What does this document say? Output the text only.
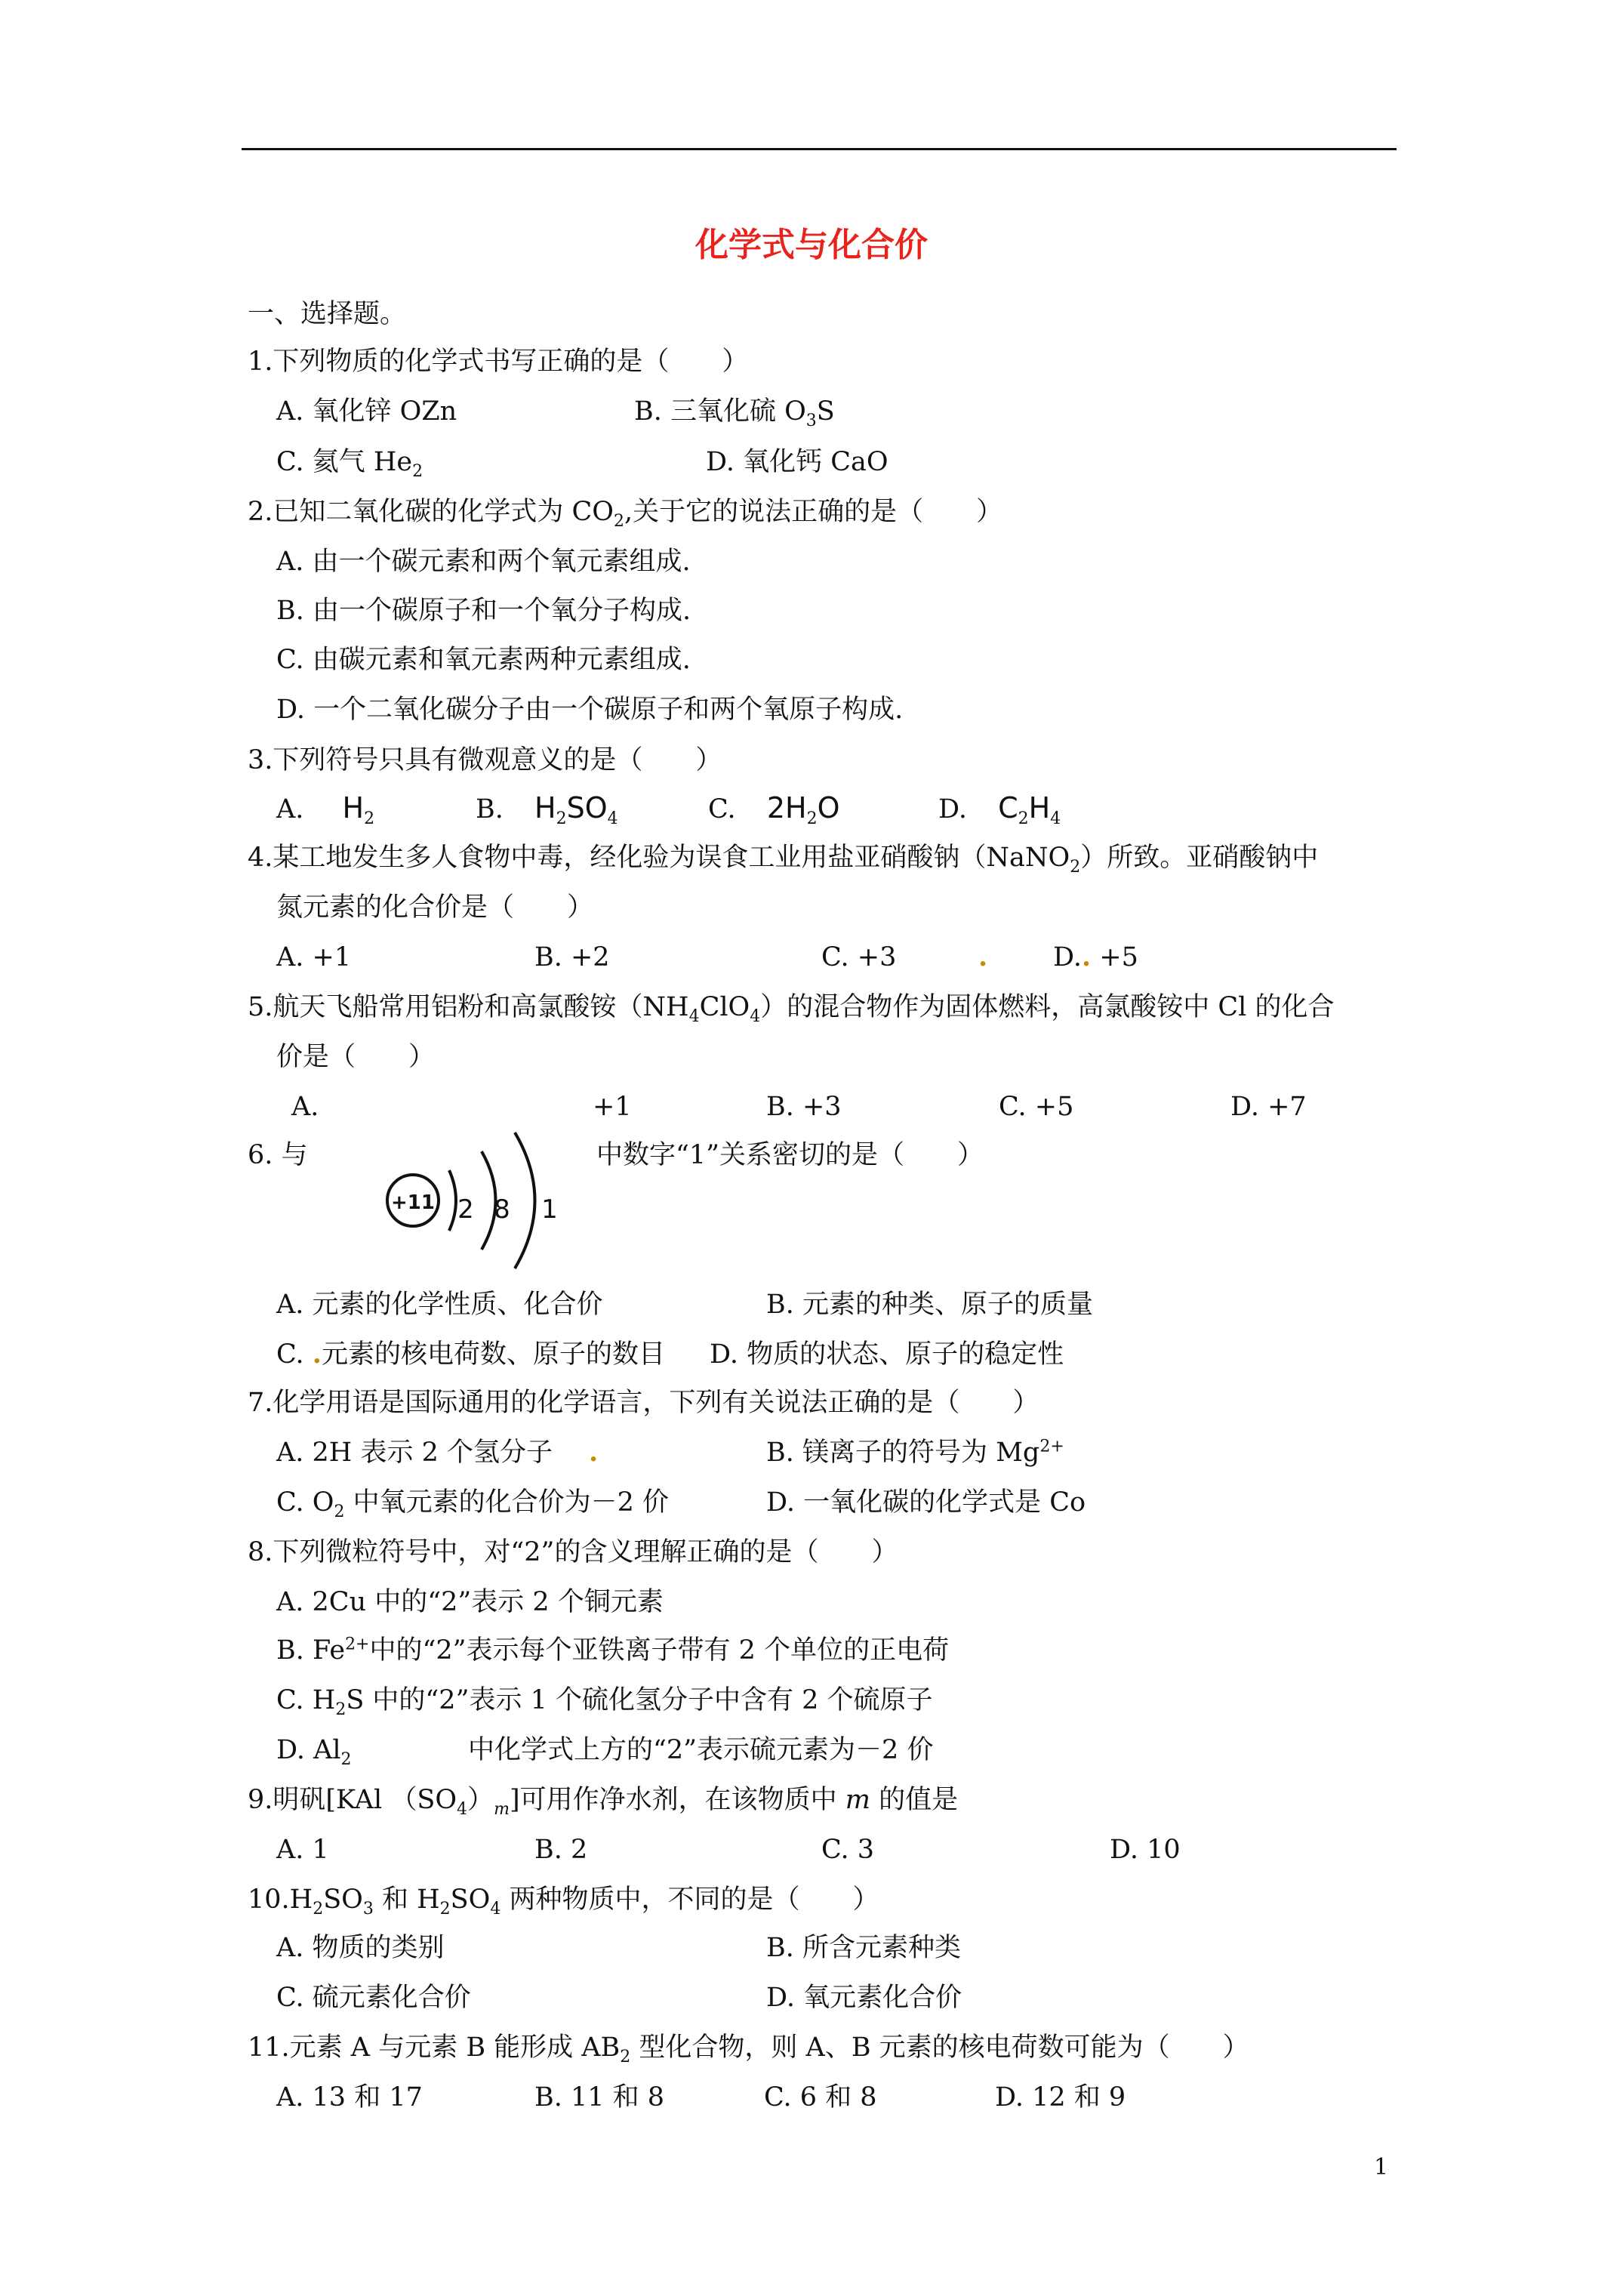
化学式与化合价
一、选择题。
1.下列物质的化学式书写正确的是（　　）
A. 氧化锌 OZn	B. 三氧化硫 $O_3S$
C. 氦气 $He_2$	D. 氧化钙 CaO
2.已知二氧化碳的化学式为 $CO_2$,关于它的说法正确的是（　　）
A. 由一个碳元素和两个氧元素组成.
B. 由一个碳原子和一个氧分子构成.
C. 由碳元素和氧元素两种元素组成.
D. 一个二氧化碳分子由一个碳原子和两个氧原子构成.
3.下列符号只具有微观意义的是（　　）
A. $H_2$	B. $H_2SO_4$	C. $2H_2O$	D. $C_2H_4$
4.某工地发生多人食物中毒，经化验为误食工业用盐亚硝酸钠（NaNO$_2$）所致。亚硝酸钠中
氮元素的化合价是（　　）
A. +1	B. +2	C. +3	. D.. +5
5.航天飞船常用铝粉和高氯酸铵$(NH_4ClO_4)$的混合物作为固体燃料，高氯酸铵中 Cl 的化合
价是（　　）
A.	+1	B. +3	C. +5	D. +7
6. 与	中数字“1”关系密切的是（　　）
+11 2 8 1
A. 元素的化学性质、化合价	B. 元素的种类、原子的质量
C. .元素的核电荷数、原子的数目 D. 物质的状态、原子的稳定性
7.化学用语是国际通用的化学语言，下列有关说法正确的是（　　）
A. 2H 表示 2 个氢分子 .	B. 镁离子的符号为 $Mg^{2+}$
C. $O_2$ 中氧元素的化合价为－2 价	D. 一氧化碳的化学式是 Co
8.下列微粒符号中，对“2”的含义理解正确的是（　　）
A. 2Cu 中的“2”表示 2 个铜元素
B. $Fe^{2+}$中的“2”表示每个亚铁离子带有 2 个单位的正电荷
C. $H_2S$ 中的“2”表示 1 个硫化氢分子中含有 2 个硫原子
D. $Al_2$	中化学式上方的“2”表示硫元素为－2 价
9.明矾[KAl $(SO_4)_m$]可用作净水剂，在该物质中 m 的值是
A. 1	B. 2	C. 3	D. 10
$10.H_2SO_3$ 和 $H_2SO_4$ 两种物质中，不同的是（　　）
A. 物质的类别	B. 所含元素种类
C. 硫元素化合价	D. 氧元素化合价
11.元素 A 与元素 B 能形成 $AB_2$ 型化合物，则 A、B 元素的核电荷数可能为（　　）
A. 13 和 17	B. 11 和 8	C. 6 和 8	D. 12 和 9
1
